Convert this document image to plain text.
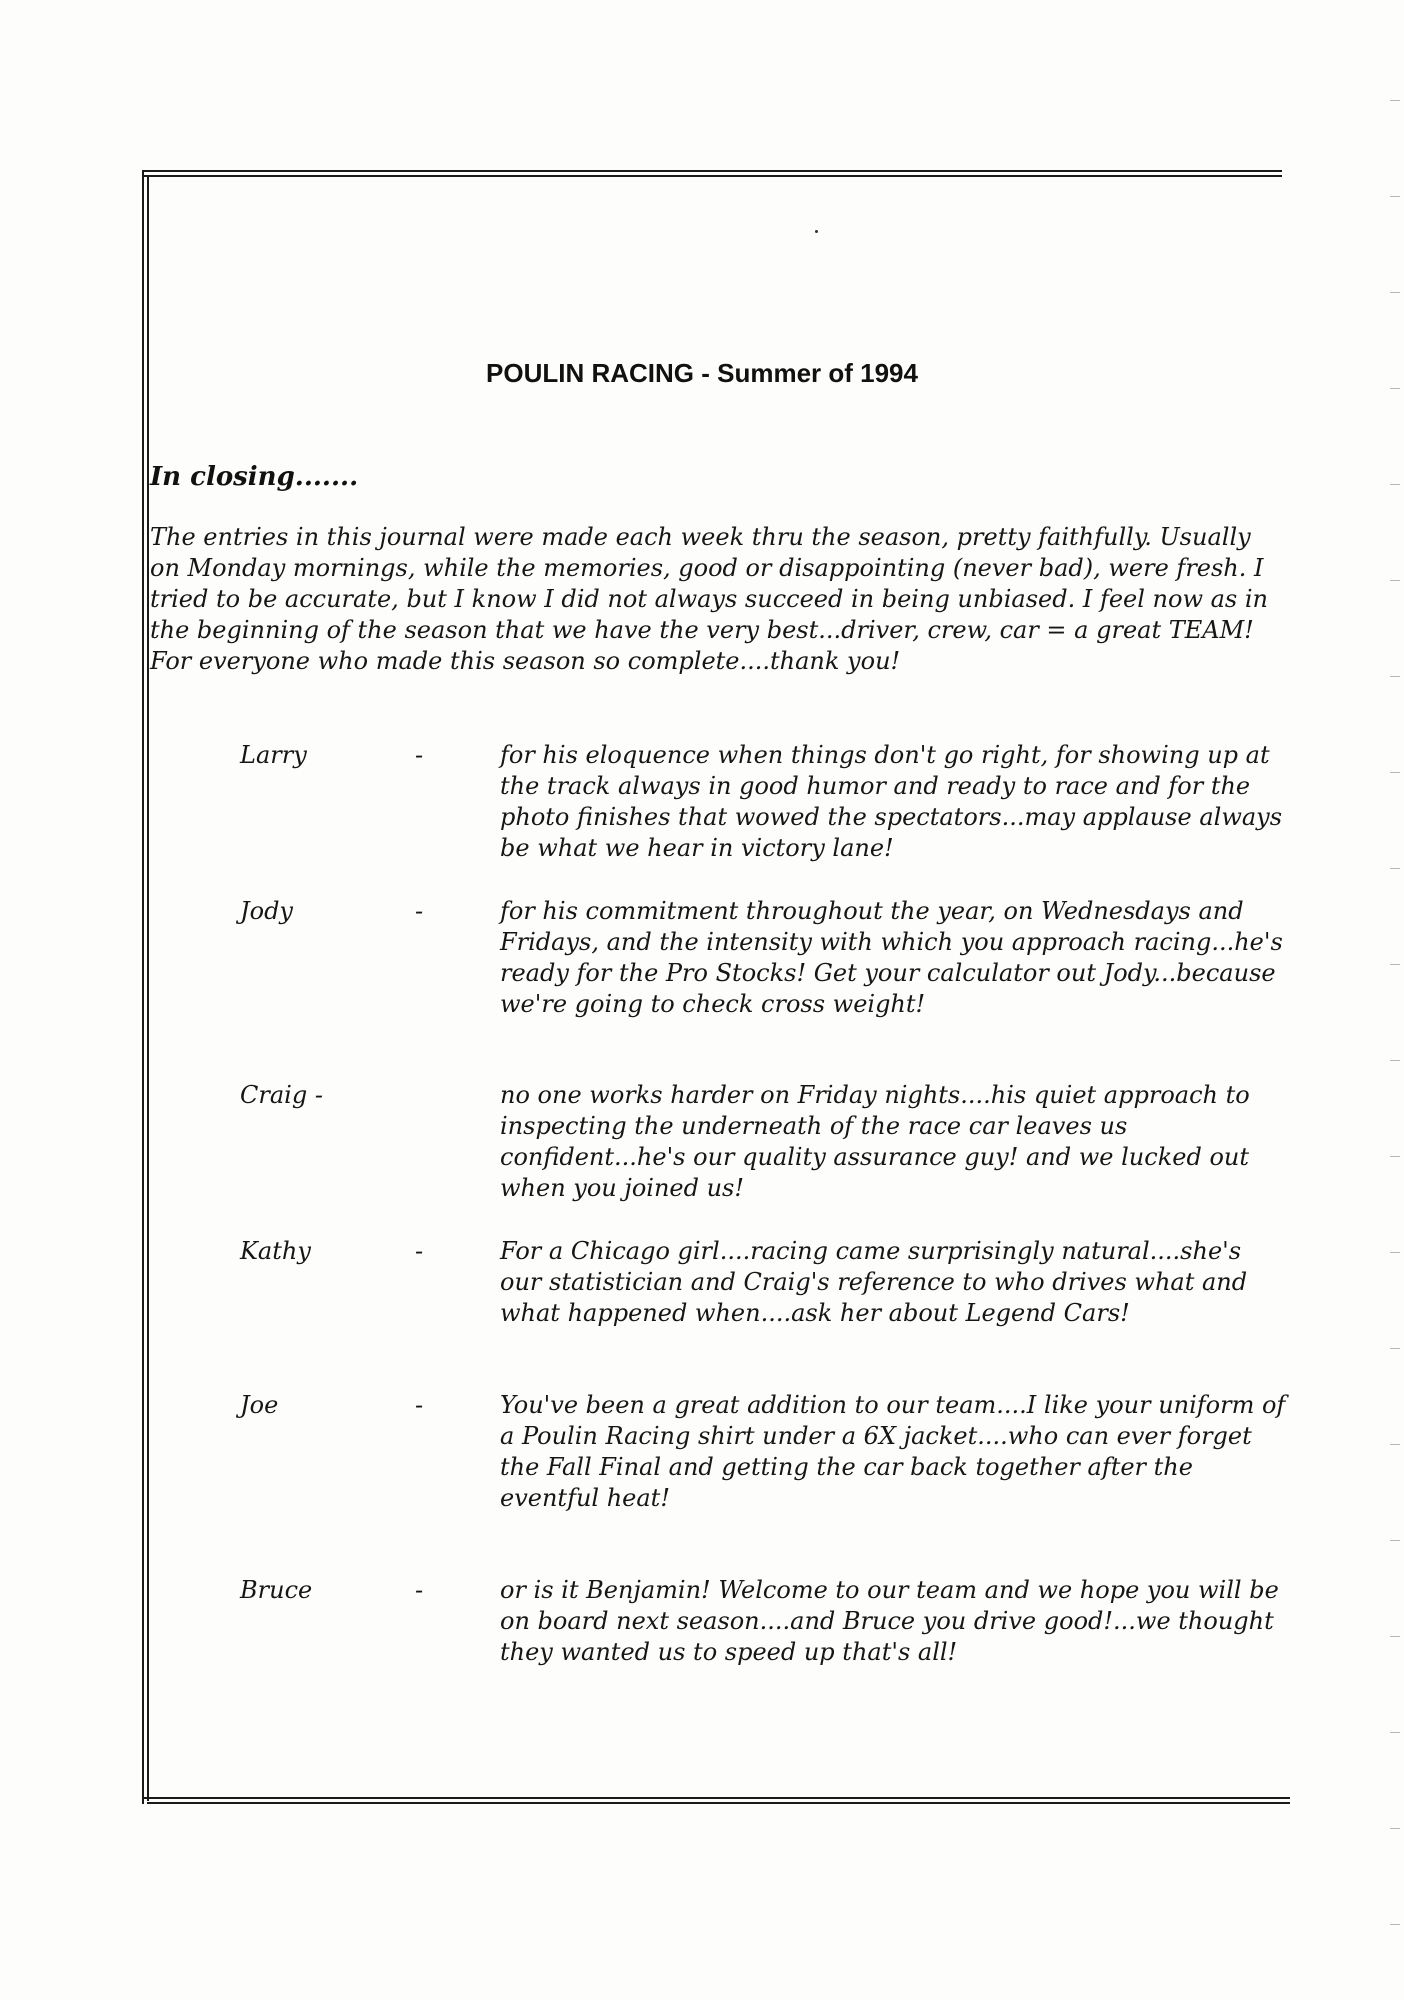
POULIN RACING - Summer of 1994
In closing.......
The entries in this journal were made each week thru the season, pretty faithfully. Usually on Monday mornings, while the memories, good or disappointing (never bad), were fresh. I tried to be accurate, but I know I did not always succeed in being unbiased. I feel now as in the beginning of the season that we have the very best...driver, crew, car = a great TEAM! For everyone who made this season so complete....thank you!
Larry	-	for his eloquence when things don't go right, for showing up at the track always in good humor and ready to race and for the photo finishes that wowed the spectators...may applause always be what we hear in victory lane!
Jody	-	for his commitment throughout the year, on Wednesdays and Fridays, and the intensity with which you approach racing...he's ready for the Pro Stocks! Get your calculator out Jody...because we're going to check cross weight!
Craig -	no one works harder on Friday nights....his quiet approach to inspecting the underneath of the race car leaves us confident...he's our quality assurance guy! and we lucked out when you joined us!
Kathy	-	For a Chicago girl....racing came surprisingly natural....she's our statistician and Craig's reference to who drives what and what happened when....ask her about Legend Cars!
Joe	-	You've been a great addition to our team....I like your uniform of a Poulin Racing shirt under a 6X jacket....who can ever forget the Fall Final and getting the car back together after the eventful heat!
Bruce	-	or is it Benjamin! Welcome to our team and we hope you will be on board next season....and Bruce you drive good!...we thought they wanted us to speed up that's all!
